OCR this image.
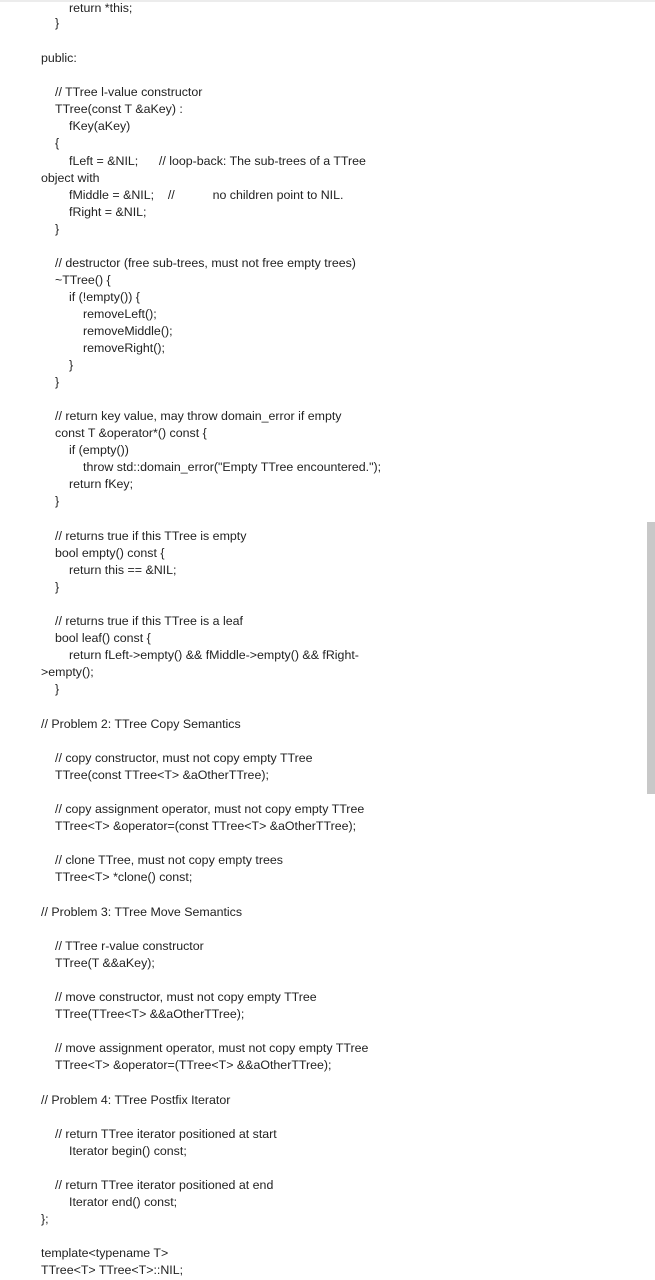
return *this;

}

public:

// TTree l-value constructor

TTree(const T &aKey) :

fKey(aKey)

{

fLeft = &NIL;      // loop-back: The sub-trees of a TTree

object with

fMiddle = &NIL;    //           no children point to NIL.

fRight = &NIL;

}

// destructor (free sub-trees, must not free empty trees)

~TTree() {

if (!empty()) {

removeLeft();

removeMiddle();

removeRight();

}

}

// return key value, may throw domain_error if empty

const T &operator*() const {

if (empty())

throw std::domain_error("Empty TTree encountered.");

return fKey;

}

// returns true if this TTree is empty

bool empty() const {

return this == &NIL;

}

// returns true if this TTree is a leaf

bool leaf() const {

return fLeft->empty() && fMiddle->empty() && fRight-

>empty();

}

// Problem 2: TTree Copy Semantics

// copy constructor, must not copy empty TTree

TTree(const TTree<T> &aOtherTTree);

// copy assignment operator, must not copy empty TTree

TTree<T> &operator=(const TTree<T> &aOtherTTree);

// clone TTree, must not copy empty trees

TTree<T> *clone() const;

// Problem 3: TTree Move Semantics

// TTree r-value constructor

TTree(T &&aKey);

// move constructor, must not copy empty TTree

TTree(TTree<T> &&aOtherTTree);

// move assignment operator, must not copy empty TTree

TTree<T> &operator=(TTree<T> &&aOtherTTree);

// Problem 4: TTree Postfix Iterator

// return TTree iterator positioned at start

Iterator begin() const;

// return TTree iterator positioned at end

Iterator end() const;

};

template<typename T>

TTree<T> TTree<T>::NIL;
